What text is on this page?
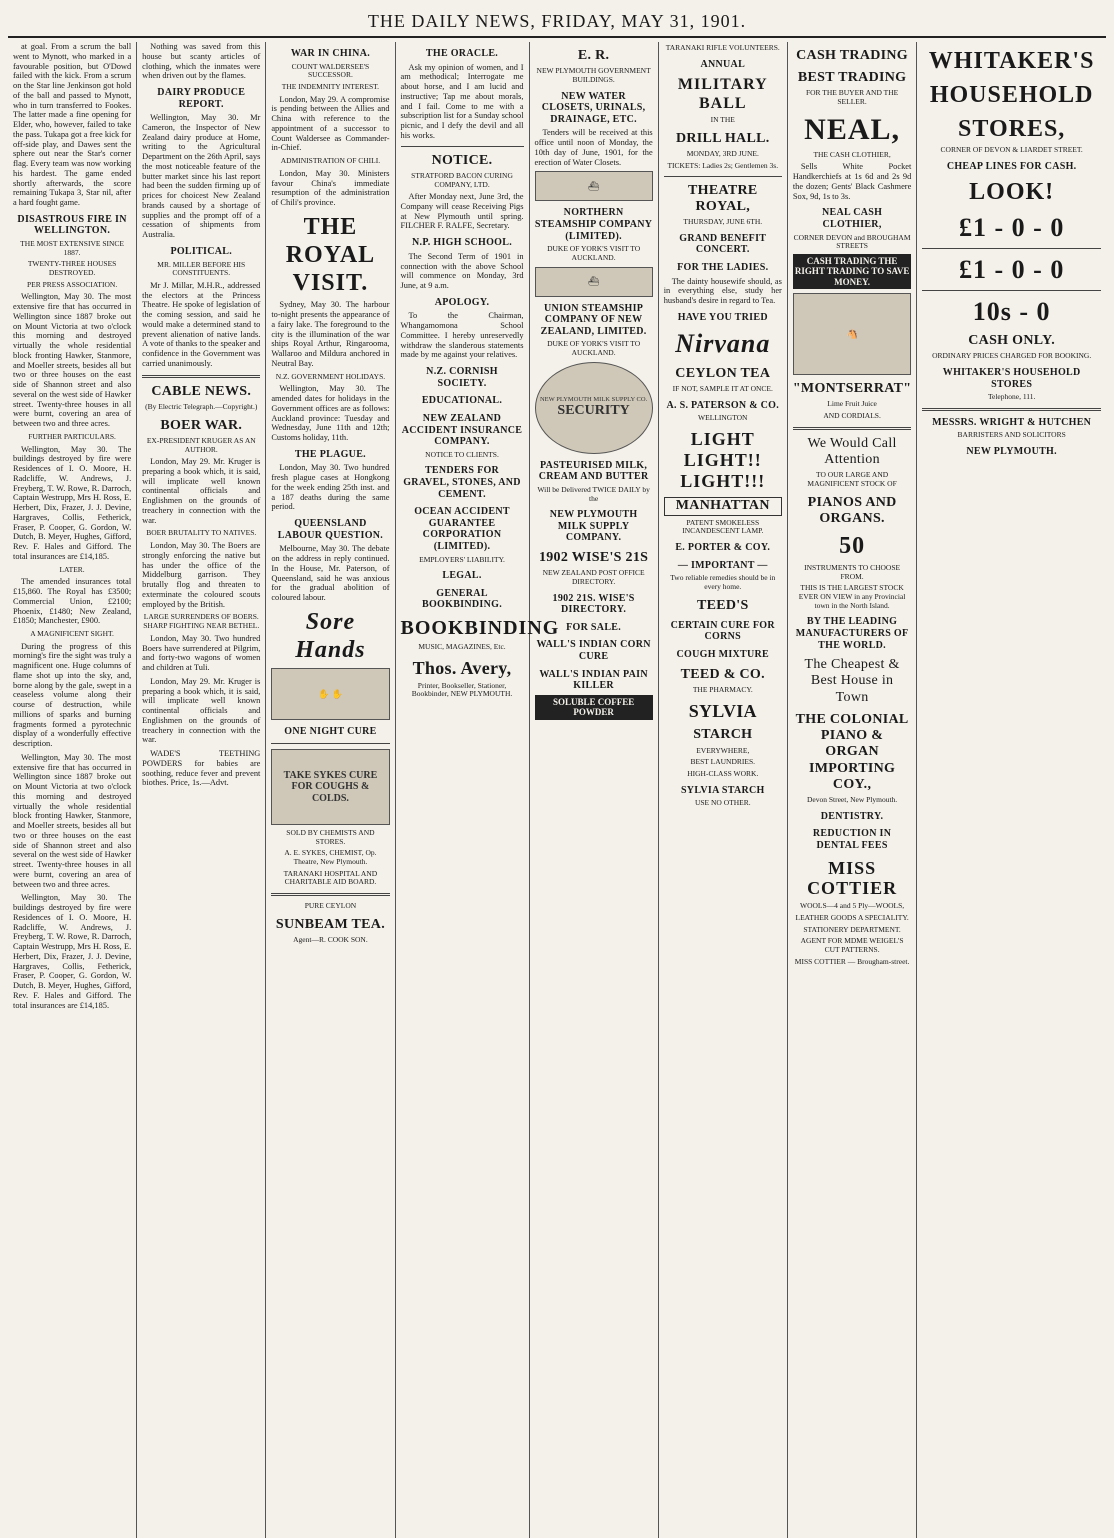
THE DAILY NEWS, FRIDAY, MAY 31, 1901.

at goal. From a scrum the ball went to Mynott, who marked in a favourable position, but O'Dowd failed with the kick. From a scrum on the Star line Jenkinson got hold of the ball and passed to Mynott, who in turn transferred to Fookes. The latter made a fine opening for Elder, who, however, failed to take the pass. Tukapa got a free kick for off-side play, and Dawes sent the sphere out near the Star's corner flag. Every team was now working his hardest. The game ended shortly afterwards, the score remaining Tukapa 3, Star nil, after a hard fought game.

DISASTROUS FIRE IN WELLINGTON.
THE MOST EXTENSIVE SINCE 1887.
TWENTY-THREE HOUSES DESTROYED.
PER PRESS ASSOCIATION.

Wellington, May 30. The most extensive fire that has occurred in Wellington since 1887 broke out on Mount Victoria at two o'clock this morning and destroyed virtually the whole residential block fronting Hawker, Stanmore, and Moeller streets, besides all but two or three houses on the east side of Shannon street and also several on the west side of Hawker street. Twenty-three houses in all were burnt, covering an area of between two and three acres.

FURTHER PARTICULARS.

Wellington, May 30. The buildings destroyed by fire were Residences of I. O. Moore, H. Radcliffe, W. Andrews, J. Freyberg, T. W. Rowe, R. Darroch, Captain Westrupp, Mrs H. Ross, E. Herbert, Dix, Frazer, J. J. Devine, Hargraves, Collis, Fetherick, Fraser, P. Cooper, G. Gordon, W. Dutch, B. Meyer, Hughes, Gifford, Rev. F. Hales and Gifford. The total insurances are £14,185.

LATER.

The amended insurances total £15,860. The Royal has £3500; Commercial Union, £2100; Phoenix, £1480; New Zealand, £1850; Manchester, £900.

A MAGNIFICENT SIGHT.

During the progress of this morning's fire the sight was truly a magnificent one. Huge columns of flame shot up into the sky, and, borne along by the gale, swept in a ceaseless volume along their course of destruction, while millions of sparks and burning fragments formed a pyrotechnic display of a wonderfully effective description.

Wellington, May 30. The most extensive fire that has occurred in Wellington since 1887 broke out on Mount Victoria at two o'clock this morning and destroyed virtually the whole residential block fronting Hawker, Stanmore, and Moeller streets, besides all but two or three houses on the east side of Shannon street and also several on the west side of Hawker street. Twenty-three houses in all were burnt, covering an area of between two and three acres.

Wellington, May 30. The buildings destroyed by fire were Residences of I. O. Moore, H. Radcliffe, W. Andrews, J. Freyberg, T. W. Rowe, R. Darroch, Captain Westrupp, Mrs H. Ross, E. Herbert, Dix, Frazer, J. J. Devine, Hargraves, Collis, Fetherick, Fraser, P. Cooper, G. Gordon, W. Dutch, B. Meyer, Hughes, Gifford, Rev. F. Hales and Gifford. The total insurances are £14,185.

Nothing was saved from this house but scanty articles of clothing, which the inmates were when driven out by the flames.

DAIRY PRODUCE REPORT.

Wellington, May 30. Mr Cameron, the Inspector of New Zealand dairy produce at Home, writing to the Agricultural Department on the 26th April, says the most noticeable feature of the butter market since his last report had been the sudden firming up of prices for choicest New Zealand brands caused by a shortage of supplies and the prompt off of a cessation of shipments from Australia.

POLITICAL.
MR. MILLER BEFORE HIS CONSTITUENTS.

Mr J. Millar, M.H.R., addressed the electors at the Princess Theatre. He spoke of legislation of the coming session, and said he would make a determined stand to prevent alienation of native lands. A vote of thanks to the speaker and confidence in the Government was carried unanimously.

CABLE NEWS.
(By Electric Telegraph.—Copyright.)
BOER WAR.
EX-PRESIDENT KRUGER AS AN AUTHOR.

London, May 29. Mr. Kruger is preparing a book which, it is said, will implicate well known continental officials and Englishmen on the grounds of treachery in connection with the war.

BOER BRUTALITY TO NATIVES.

London, May 30. The Boers are strongly enforcing the native but has under the office of the Middelburg garrison. They brutally flog and threaten to exterminate the coloured scouts employed by the British.

LARGE SURRENDERS OF BOERS. SHARP FIGHTING NEAR BETHEL.

London, May 30. Two hundred Boers have surrendered at Pilgrim, and forty-two wagons of women and children at Tuli.

London, May 29. Mr. Kruger is preparing a book which, it is said, will implicate well known continental officials and Englishmen on the grounds of treachery in connection with the war.

WADE'S TEETHING POWDERS for babies are soothing, reduce fever and prevent biothes. Price, 1s.—Advt.

WAR IN CHINA.
COUNT WALDERSEE'S SUCCESSOR.
THE INDEMNITY INTEREST.

London, May 29. A compromise is pending between the Allies and China with reference to the appointment of a successor to Count Waldersee as Commander-in-Chief.

ADMINISTRATION OF CHILI.

London, May 30. Ministers favour China's immediate resumption of the administration of Chili's province.

THE ROYAL VISIT.

Sydney, May 30. The harbour to-night presents the appearance of a fairy lake. The foreground to the city is the illumination of the war ships Royal Arthur, Ringarooma, Wallaroo and Mildura anchored in Neutral Bay.

N.Z. GOVERNMENT HOLIDAYS.

Wellington, May 30. The amended dates for holidays in the Government offices are as follows: Auckland province: Tuesday and Wednesday, June 11th and 12th; Customs holiday, 11th.

THE PLAGUE.

London, May 30. Two hundred fresh plague cases at Hongkong for the week ending 25th inst. and a 187 deaths during the same period.

QUEENSLAND LABOUR QUESTION.

Melbourne, May 30. The debate on the address in reply continued. In the House, Mr. Paterson, of Queensland, said he was anxious for the gradual abolition of coloured labour.

Sore Hands
✋ ✋
ONE NIGHT CURE
TAKE SYKES CURE FOR COUGHS & COLDS.
SOLD BY CHEMISTS AND STORES.
A. E. SYKES, CHEMIST, Op. Theatre, New Plymouth.
TARANAKI HOSPITAL AND CHARITABLE AID BOARD.
PURE CEYLON
SUNBEAM TEA.
Agent—R. COOK SON.
THE ORACLE.

Ask my opinion of women, and I am methodical; Interrogate me about horse, and I am lucid and instructive; Tap me about morals, and I fail. Come to me with a subscription list for a Sunday school picnic, and I defy the devil and all his works.

NOTICE.
STRATFORD BACON CURING COMPANY, LTD.

After Monday next, June 3rd, the Company will cease Receiving Pigs at New Plymouth until spring. FILCHER F. RALFE, Secretary.

N.P. HIGH SCHOOL.

The Second Term of 1901 in connection with the above School will commence on Monday, 3rd June, at 9 a.m.

APOLOGY.

To the Chairman, Whangamomona School Committee. I hereby unreservedly withdraw the slanderous statements made by me against your relatives.

N.Z. CORNISH SOCIETY.
EDUCATIONAL.
NEW ZEALAND ACCIDENT INSURANCE COMPANY.
NOTICE TO CLIENTS.
TENDERS FOR GRAVEL, STONES, AND CEMENT.
OCEAN ACCIDENT GUARANTEE CORPORATION (LIMITED).
EMPLOYERS' LIABILITY.
LEGAL.
GENERAL BOOKBINDING.
BOOKBINDING
MUSIC, MAGAZINES, Etc.
Thos. Avery,
Printer, Bookseller, Stationer, Bookbinder, NEW PLYMOUTH.
E. R.
NEW PLYMOUTH GOVERNMENT BUILDINGS.
NEW WATER CLOSETS, URINALS, DRAINAGE, ETC.

Tenders will be received at this office until noon of Monday, the 10th day of June, 1901, for the erection of Water Closets.

⛴
NORTHERN STEAMSHIP COMPANY (LIMITED).
DUKE OF YORK'S VISIT TO AUCKLAND.
⛴
UNION STEAMSHIP COMPANY OF NEW ZEALAND, LIMITED.
DUKE OF YORK'S VISIT TO AUCKLAND.
NEW PLYMOUTH MILK SUPPLY CO.
SECURITY
PASTEURISED MILK, CREAM AND BUTTER
Will be Delivered TWICE DAILY by the
NEW PLYMOUTH MILK SUPPLY COMPANY.
1902 WISE'S 21S
NEW ZEALAND POST OFFICE DIRECTORY.
1902 21S. WISE'S DIRECTORY.
FOR SALE.
WALL'S INDIAN CORN CURE
WALL'S INDIAN PAIN KILLER
SOLUBLE COFFEE POWDER
TARANAKI RIFLE VOLUNTEERS.
ANNUAL
MILITARY BALL
IN THE
DRILL HALL.
MONDAY, 3RD JUNE.
TICKETS: Ladies 2s; Gentlemen 3s.
THEATRE ROYAL,
THURSDAY, JUNE 6TH.
GRAND BENEFIT CONCERT.
FOR THE LADIES.

The dainty housewife should, as in everything else, study her husband's desire in regard to Tea.

HAVE YOU TRIED
Nirvana
CEYLON TEA
IF NOT, SAMPLE IT AT ONCE.
A. S. PATERSON & CO.
WELLINGTON
LIGHT LIGHT!! LIGHT!!!
MANHATTAN
PATENT SMOKELESS INCANDESCENT LAMP.
E. PORTER & COY.
— IMPORTANT —
Two reliable remedies should be in every home.
TEED'S
CERTAIN CURE FOR CORNS
COUGH MIXTURE
TEED & CO.
THE PHARMACY.
SYLVIA
STARCH
EVERYWHERE,
BEST LAUNDRIES.
HIGH-CLASS WORK.
SYLVIA STARCH
USE NO OTHER.
CASH TRADING
BEST TRADING
FOR THE BUYER AND THE SELLER.
NEAL,
THE CASH CLOTHIER,

Sells White Pocket Handkerchiefs at 1s 6d and 2s 9d the dozen; Gents' Black Cashmere Sox, 9d, 1s to 3s.

NEAL CASH CLOTHIER,
CORNER DEVON and BROUGHAM STREETS
CASH TRADING THE RIGHT TRADING TO SAVE MONEY.
🐴
"MONTSERRAT"
Lime Fruit Juice
AND CORDIALS.
We Would Call Attention
TO OUR LARGE AND MAGNIFICENT STOCK OF
PIANOS AND ORGANS.
50
INSTRUMENTS TO CHOOSE FROM.
THIS IS THE LARGEST STOCK EVER ON VIEW in any Provincial town in the North Island.
BY THE LEADING MANUFACTURERS OF THE WORLD.
The Cheapest & Best House in Town
THE COLONIAL PIANO & ORGAN IMPORTING COY.,
Devon Street, New Plymouth.
DENTISTRY.
REDUCTION IN DENTAL FEES
MISS COTTIER
WOOLS—4 and 5 Ply—WOOLS,
LEATHER GOODS A SPECIALITY.
STATIONERY DEPARTMENT.
AGENT FOR MDME WEIGEL'S CUT PATTERNS.
MISS COTTIER — Brougham-street.
WHITAKER'S
HOUSEHOLD
STORES,
CORNER OF DEVON & LIARDET STREET.
CHEAP LINES FOR CASH.
LOOK!
£1 - 0 - 0
£1 - 0 - 0
10s - 0
CASH ONLY.
ORDINARY PRICES CHARGED FOR BOOKING.
WHITAKER'S HOUSEHOLD STORES
Telephone, 111.
MESSRS. WRIGHT & HUTCHEN
BARRISTERS AND SOLICITORS
NEW PLYMOUTH.
